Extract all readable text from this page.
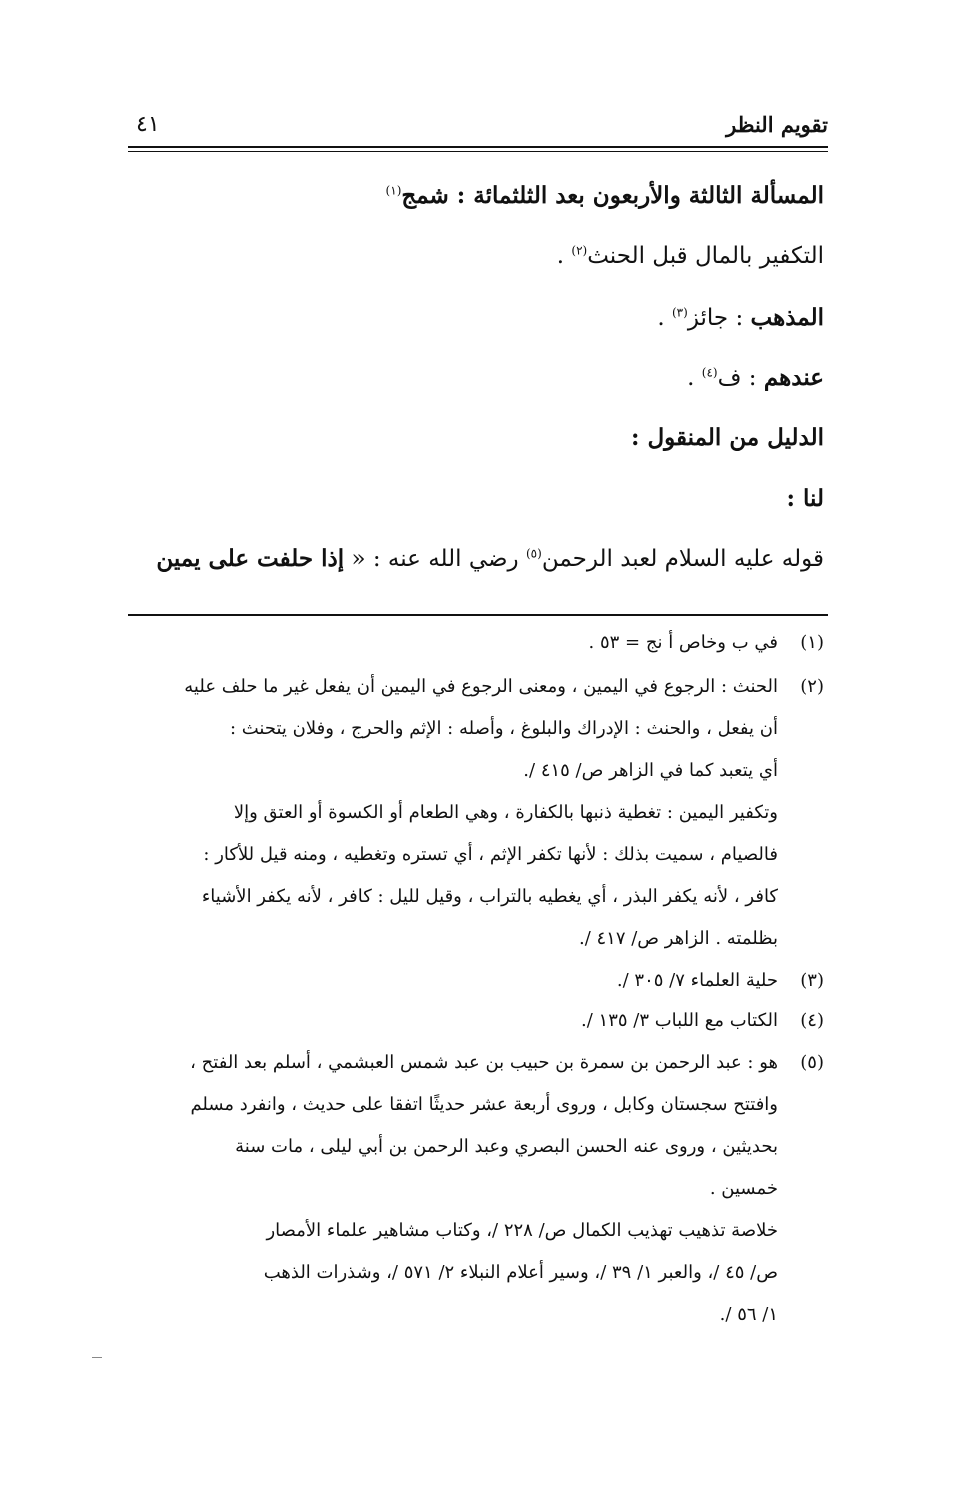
تقويم النظر
٤١
المسألة الثالثة والأربعون بعد الثلثمائة : شمج$^{(١)}$
التكفير بالمال قبل الحنث$^{(٢)}$ .
المذهب : جائز$^{(٣)}$ .
عندهم : ف$^{(٤)}$ .
الدليل من المنقول :
لنا :
قوله عليه السلام لعبد الرحمن$^{(٥)}$ رضي الله عنه : « إذا حلفت على يمين
(١)في ب وخاص أ نج = ٥٣ .
(٢)الحنث : الرجوع في اليمين ، ومعنى الرجوع في اليمين أن يفعل غير ما حلف عليه
أن يفعل ، والحنث : الإدراك والبلوغ ، وأصله : الإثم والحرج ، وفلان يتحنث :
أي يتعبد كما في الزاهر ص/ ٤١٥ /.
وتكفير اليمين : تغطية ذنبها بالكفارة ، وهي الطعام أو الكسوة أو العتق وإلا
فالصيام ، سميت بذلك : لأنها تكفر الإثم ، أي تستره وتغطيه ، ومنه قيل للأكار :
كافر ، لأنه يكفر البذر ، أي يغطيه بالتراب ، وقيل لليل : كافر ، لأنه يكفر الأشياء
بظلمته . الزاهر ص/ ٤١٧ /.
(٣)حلية العلماء ٧/ ٣٠٥ /.
(٤)الكتاب مع اللباب ٣/ ١٣٥ /.
(٥)هو : عبد الرحمن بن سمرة بن حبيب بن عبد شمس العبشمي ، أسلم بعد الفتح ،
وافتتح سجستان وكابل ، وروى أربعة عشر حديثًا اتفقا على حديث ، وانفرد مسلم
بحديثين ، وروى عنه الحسن البصري وعبد الرحمن بن أبي ليلى ، مات سنة
خمسين .
خلاصة تذهيب تهذيب الكمال ص/ ٢٢٨ /، وكتاب مشاهير علماء الأمصار
ص/ ٤٥ /، والعبر ١/ ٣٩ /، وسير أعلام النبلاء ٢/ ٥٧١ /، وشذرات الذهب
١/ ٥٦ /.
